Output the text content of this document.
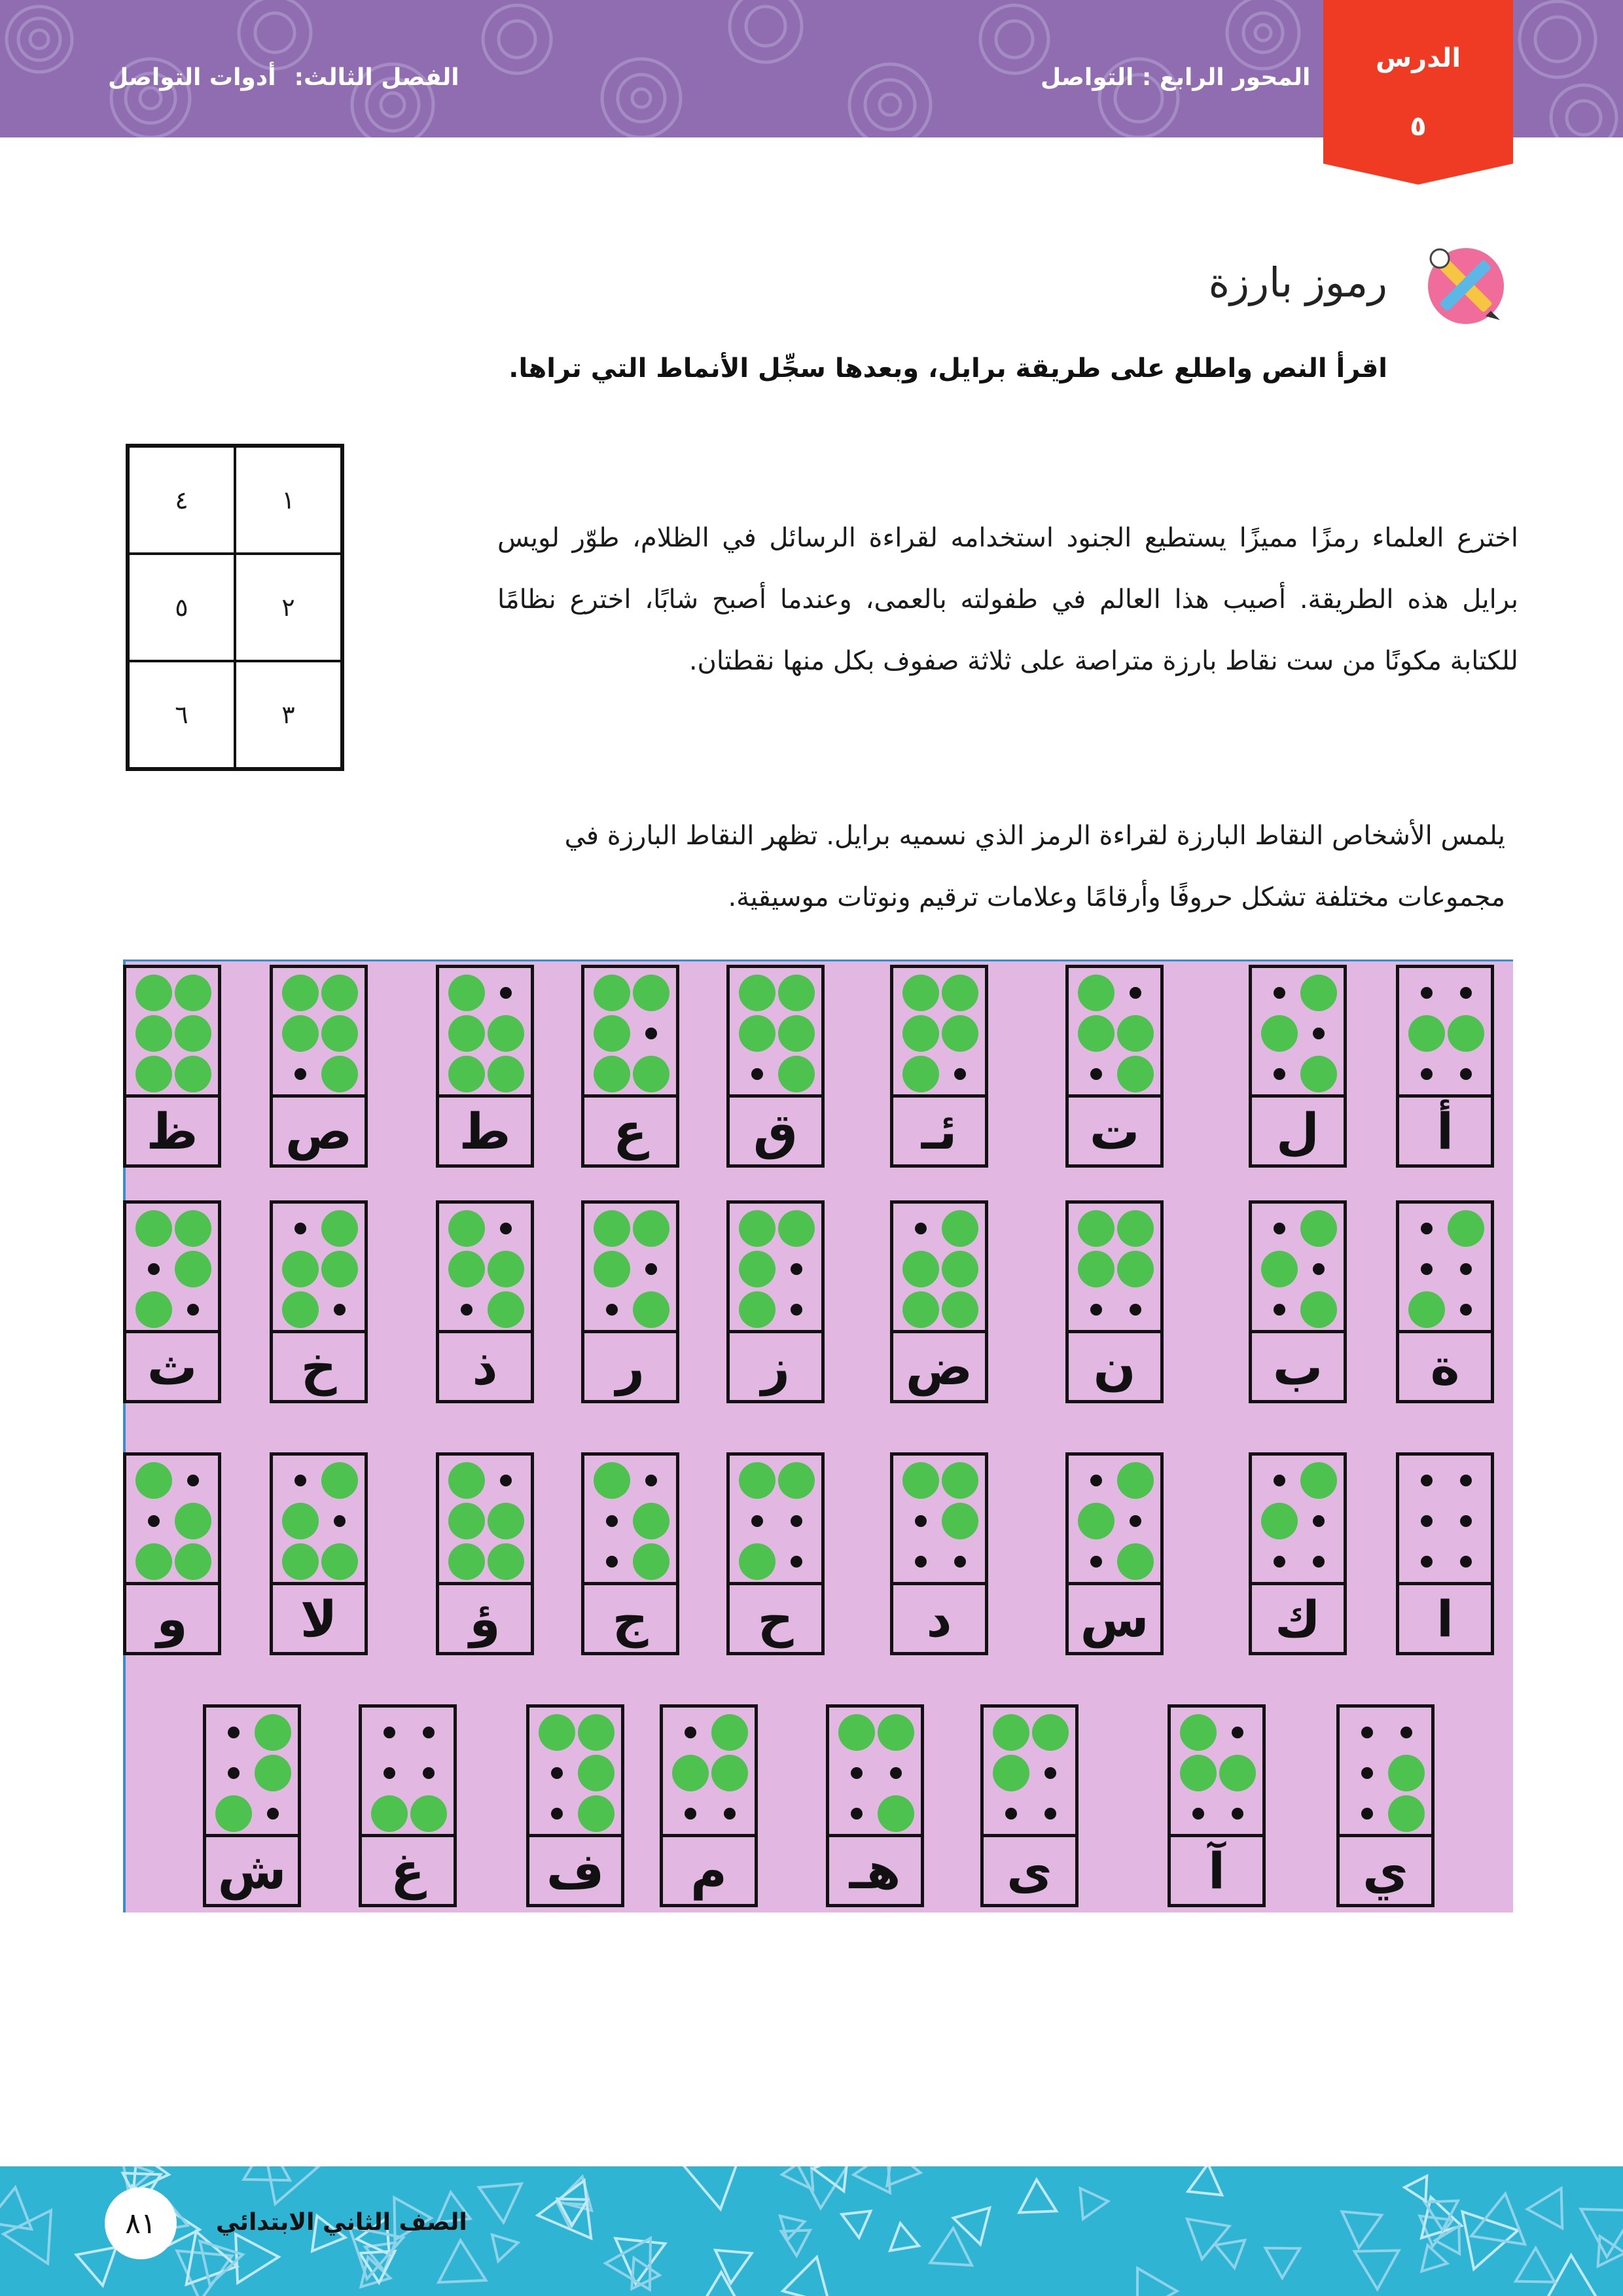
الفصل الثالث:أدوات التواصل	المحور الرابع : التواصل
الدرس
٥
رموز بارزة
اقرأ النص واطلع على طريقة برايل، وبعدها سجِّل الأنماط التي تراها.
٤	١
٥	٢
٦	٣

اخترع العلماء رمزًا مميزًا يستطيع الجنود استخدامه لقراءة الرسائل في الظلام، طوّر لويس برايل هذه الطريقة. أصيب هذا العالم في طفولته بالعمى، وعندما أصبح شابًا، اخترع نظامًا للكتابة مكونًا من ست نقاط بارزة متراصة على ثلاثة صفوف بكل منها نقطتان.

يلمس الأشخاص النقاط البارزة لقراءة الرمز الذي نسميه برايل. تظهر النقاط البارزة في مجموعات مختلفة تشكل حروفًا وأرقامًا وعلامات ترقيم ونوتات موسيقية.

ظ	ص	ط	ع	ق	ئـ	ت	ل	أ
ث	خ	ذ	ر	ز	ض	ن	ب	ة
و	لا	ؤ	ج	ح	د	س	ك	ا
ش	غ	ف	م	هـ	ى	آ	ي
٨١	الصف الثاني الابتدائي
